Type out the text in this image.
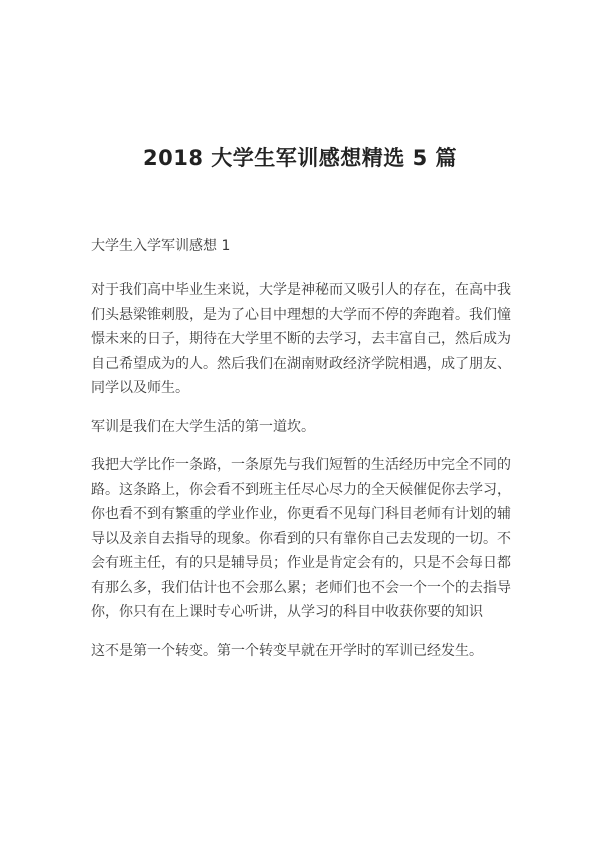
2018 大学生军训感想精选 5 篇
大学生入学军训感想 1
对于我们高中毕业生来说，大学是神秘而又吸引人的存在，在高中我
们头悬梁锥刺股，是为了心目中理想的大学而不停的奔跑着。我们憧
憬未来的日子，期待在大学里不断的去学习，去丰富自己，然后成为
自己希望成为的人。然后我们在湖南财政经济学院相遇，成了朋友、
同学以及师生。
军训是我们在大学生活的第一道坎。
我把大学比作一条路，一条原先与我们短暂的生活经历中完全不同的
路。这条路上，你会看不到班主任尽心尽力的全天候催促你去学习，
你也看不到有繁重的学业作业，你更看不见每门科目老师有计划的辅
导以及亲自去指导的现象。你看到的只有靠你自己去发现的一切。不
会有班主任，有的只是辅导员；作业是肯定会有的，只是不会每日都
有那么多，我们估计也不会那么累；老师们也不会一个一个的去指导
你，你只有在上课时专心听讲，从学习的科目中收获你要的知识
这不是第一个转变。第一个转变早就在开学时的军训已经发生。
